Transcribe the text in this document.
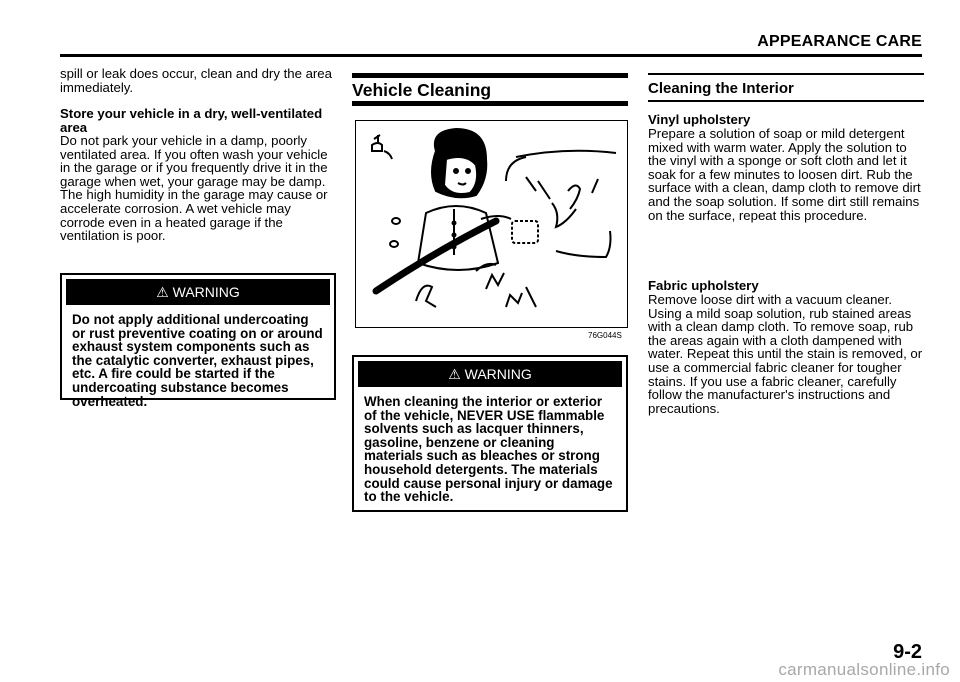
APPEARANCE CARE

spill or leak does occur, clean and dry the area immediately.

Store your vehicle in a dry, well-ventilated area

Do not park your vehicle in a damp, poorly ventilated area. If you often wash your vehicle in the garage or if you frequently drive it in the garage when wet, your garage may be damp. The high humidity in the garage may cause or accelerate corrosion. A wet vehicle may corrode even in a heated garage if the ventilation is poor.

⚠ WARNING
Do not apply additional undercoating or rust preventive coating on or around exhaust system components such as the catalytic converter, exhaust pipes, etc. A fire could be started if the undercoating substance becomes overheated.
Vehicle Cleaning
76G044S
⚠ WARNING
When cleaning the interior or exterior of the vehicle, NEVER USE flammable solvents such as lacquer thinners, gasoline, benzene or cleaning materials such as bleaches or strong household detergents. The materials could cause personal injury or damage to the vehicle.
Cleaning the Interior

Vinyl upholstery

Prepare a solution of soap or mild detergent mixed with warm water. Apply the solution to the vinyl with a sponge or soft cloth and let it soak for a few minutes to loosen dirt. Rub the surface with a clean, damp cloth to remove dirt and the soap solution. If some dirt still remains on the surface, repeat this procedure.

Fabric upholstery

Remove loose dirt with a vacuum cleaner. Using a mild soap solution, rub stained areas with a clean damp cloth. To remove soap, rub the areas again with a cloth dampened with water. Repeat this until the stain is removed, or use a commercial fabric cleaner for tougher stains. If you use a fabric cleaner, carefully follow the manufacturer's instructions and precautions.

9-2
carmanualsonline.info
